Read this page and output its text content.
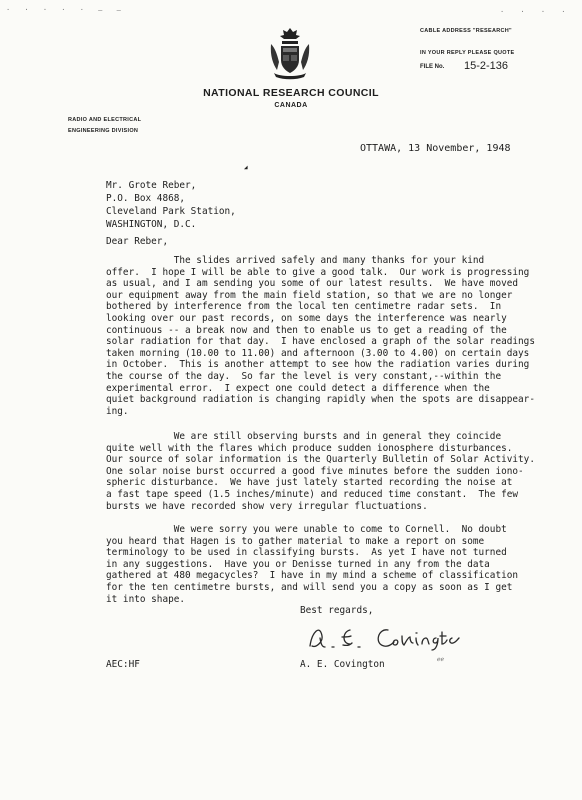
· · · · · – –	· · · ·
CABLE ADDRESS "RESEARCH"
IN YOUR REPLY PLEASE QUOTE
FILE No. 15-2-136
NATIONAL RESEARCH COUNCIL
CANADA
RADIO AND ELECTRICAL
ENGINEERING DIVISION
OTTAWA, 13 November, 1948
◢
Mr. Grote Reber,
P.O. Box 4868,
Cleveland Park Station,
WASHINGTON, D.C.
Dear Reber,
The slides arrived safely and many thanks for your kind
offer.  I hope I will be able to give a good talk.  Our work is progressing
as usual, and I am sending you some of our latest results.  We have moved
our equipment away from the main field station, so that we are no longer
bothered by interference from the local ten centimetre radar sets.  In
looking over our past records, on some days the interference was nearly
continuous -- a break now and then to enable us to get a reading of the
solar radiation for that day.  I have enclosed a graph of the solar readings
taken morning (10.00 to 11.00) and afternoon (3.00 to 4.00) on certain days
in October.  This is another attempt to see how the radiation varies during
the course of the day.  So far the level is very constant,--within the
experimental error.  I expect one could detect a difference when the
quiet background radiation is changing rapidly when the spots are disappear-
ing.
We are still observing bursts and in general they coincide
quite well with the flares which produce sudden ionosphere disturbances.
Our source of solar information is the Quarterly Bulletin of Solar Activity.
One solar noise burst occurred a good five minutes before the sudden iono-
spheric disturbance.  We have just lately started recording the noise at
a fast tape speed (1.5 inches/minute) and reduced time constant.  The few
bursts we have recorded show very irregular fluctuations.
We were sorry you were unable to come to Cornell.  No doubt
you heard that Hagen is to gather material to make a report on some
terminology to be used in classifying bursts.  As yet I have not turned
in any suggestions.  Have you or Denisse turned in any from the data
gathered at 480 megacycles?  I have in my mind a scheme of classification
for the ten centimetre bursts, and will send you a copy as soon as I get
it into shape.
Best regards,
A. E. Covington
AEC:HF	ℯℯ
